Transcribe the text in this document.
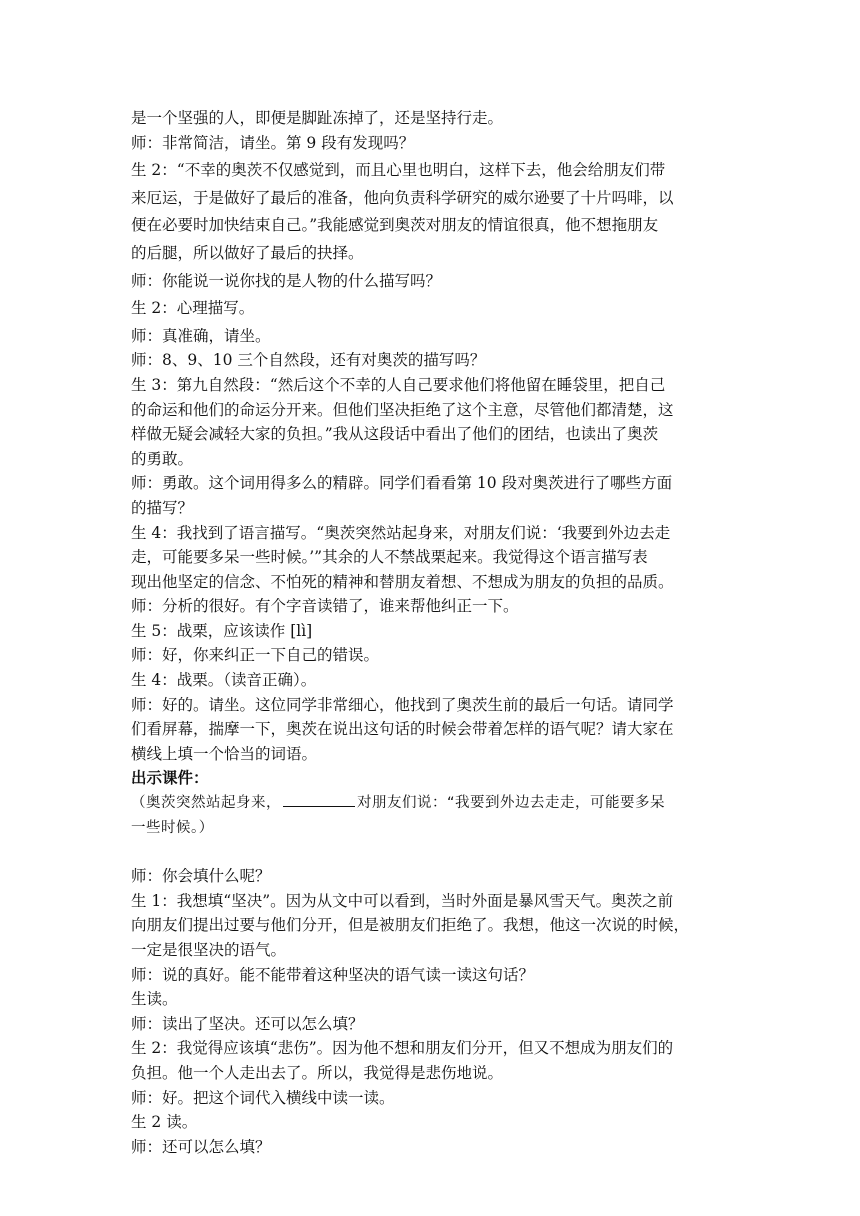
是一个坚强的人，即便是脚趾冻掉了，还是坚持行走。

师：非常简洁，请坐。第 9 段有发现吗？

生 2：“不幸的奥茨不仅感觉到，而且心里也明白，这样下去，他会给朋友们带

来厄运，于是做好了最后的准备，他向负责科学研究的威尔逊要了十片吗啡，以

便在必要时加快结束自己。”我能感觉到奥茨对朋友的情谊很真，他不想拖朋友

的后腿，所以做好了最后的抉择。

师：你能说一说你找的是人物的什么描写吗？

生 2：心理描写。

师：真准确，请坐。

师：8、9、10 三个自然段，还有对奥茨的描写吗？

生 3：第九自然段：“然后这个不幸的人自己要求他们将他留在睡袋里，把自己

的命运和他们的命运分开来。但他们坚决拒绝了这个主意，尽管他们都清楚，这

样做无疑会减轻大家的负担。”我从这段话中看出了他们的团结，也读出了奥茨

的勇敢。

师：勇敢。这个词用得多么的精辟。同学们看看第 10 段对奥茨进行了哪些方面

的描写？

生 4：我找到了语言描写。“奥茨突然站起身来，对朋友们说：‘我要到外边去走

走，可能要多呆一些时候。’”其余的人不禁战栗起来。我觉得这个语言描写表

现出他坚定的信念、不怕死的精神和替朋友着想、不想成为朋友的负担的品质。

师：分析的很好。有个字音读错了，谁来帮他纠正一下。

生 5：战栗，应该读作 [lì]

师：好，你来纠正一下自己的错误。

生 4：战栗。（读音正确）。

师：好的。请坐。这位同学非常细心，他找到了奥茨生前的最后一句话。请同学

们看屏幕，揣摩一下，奥茨在说出这句话的时候会带着怎样的语气呢？请大家在

横线上填一个恰当的词语。

出示课件：

（奥茨突然站起身来，	对朋友们说：“我要到外边去走走，可能要多呆

一些时候。）

师：你会填什么呢？

生 1：我想填“坚决”。因为从文中可以看到，当时外面是暴风雪天气。奥茨之前

向朋友们提出过要与他们分开，但是被朋友们拒绝了。我想，他这一次说的时候，

一定是很坚决的语气。

师：说的真好。能不能带着这种坚决的语气读一读这句话？

生读。

师：读出了坚决。还可以怎么填？

生 2：我觉得应该填“悲伤”。因为他不想和朋友们分开，但又不想成为朋友们的

负担。他一个人走出去了。所以，我觉得是悲伤地说。

师：好。把这个词代入横线中读一读。

生 2 读。

师：还可以怎么填？
